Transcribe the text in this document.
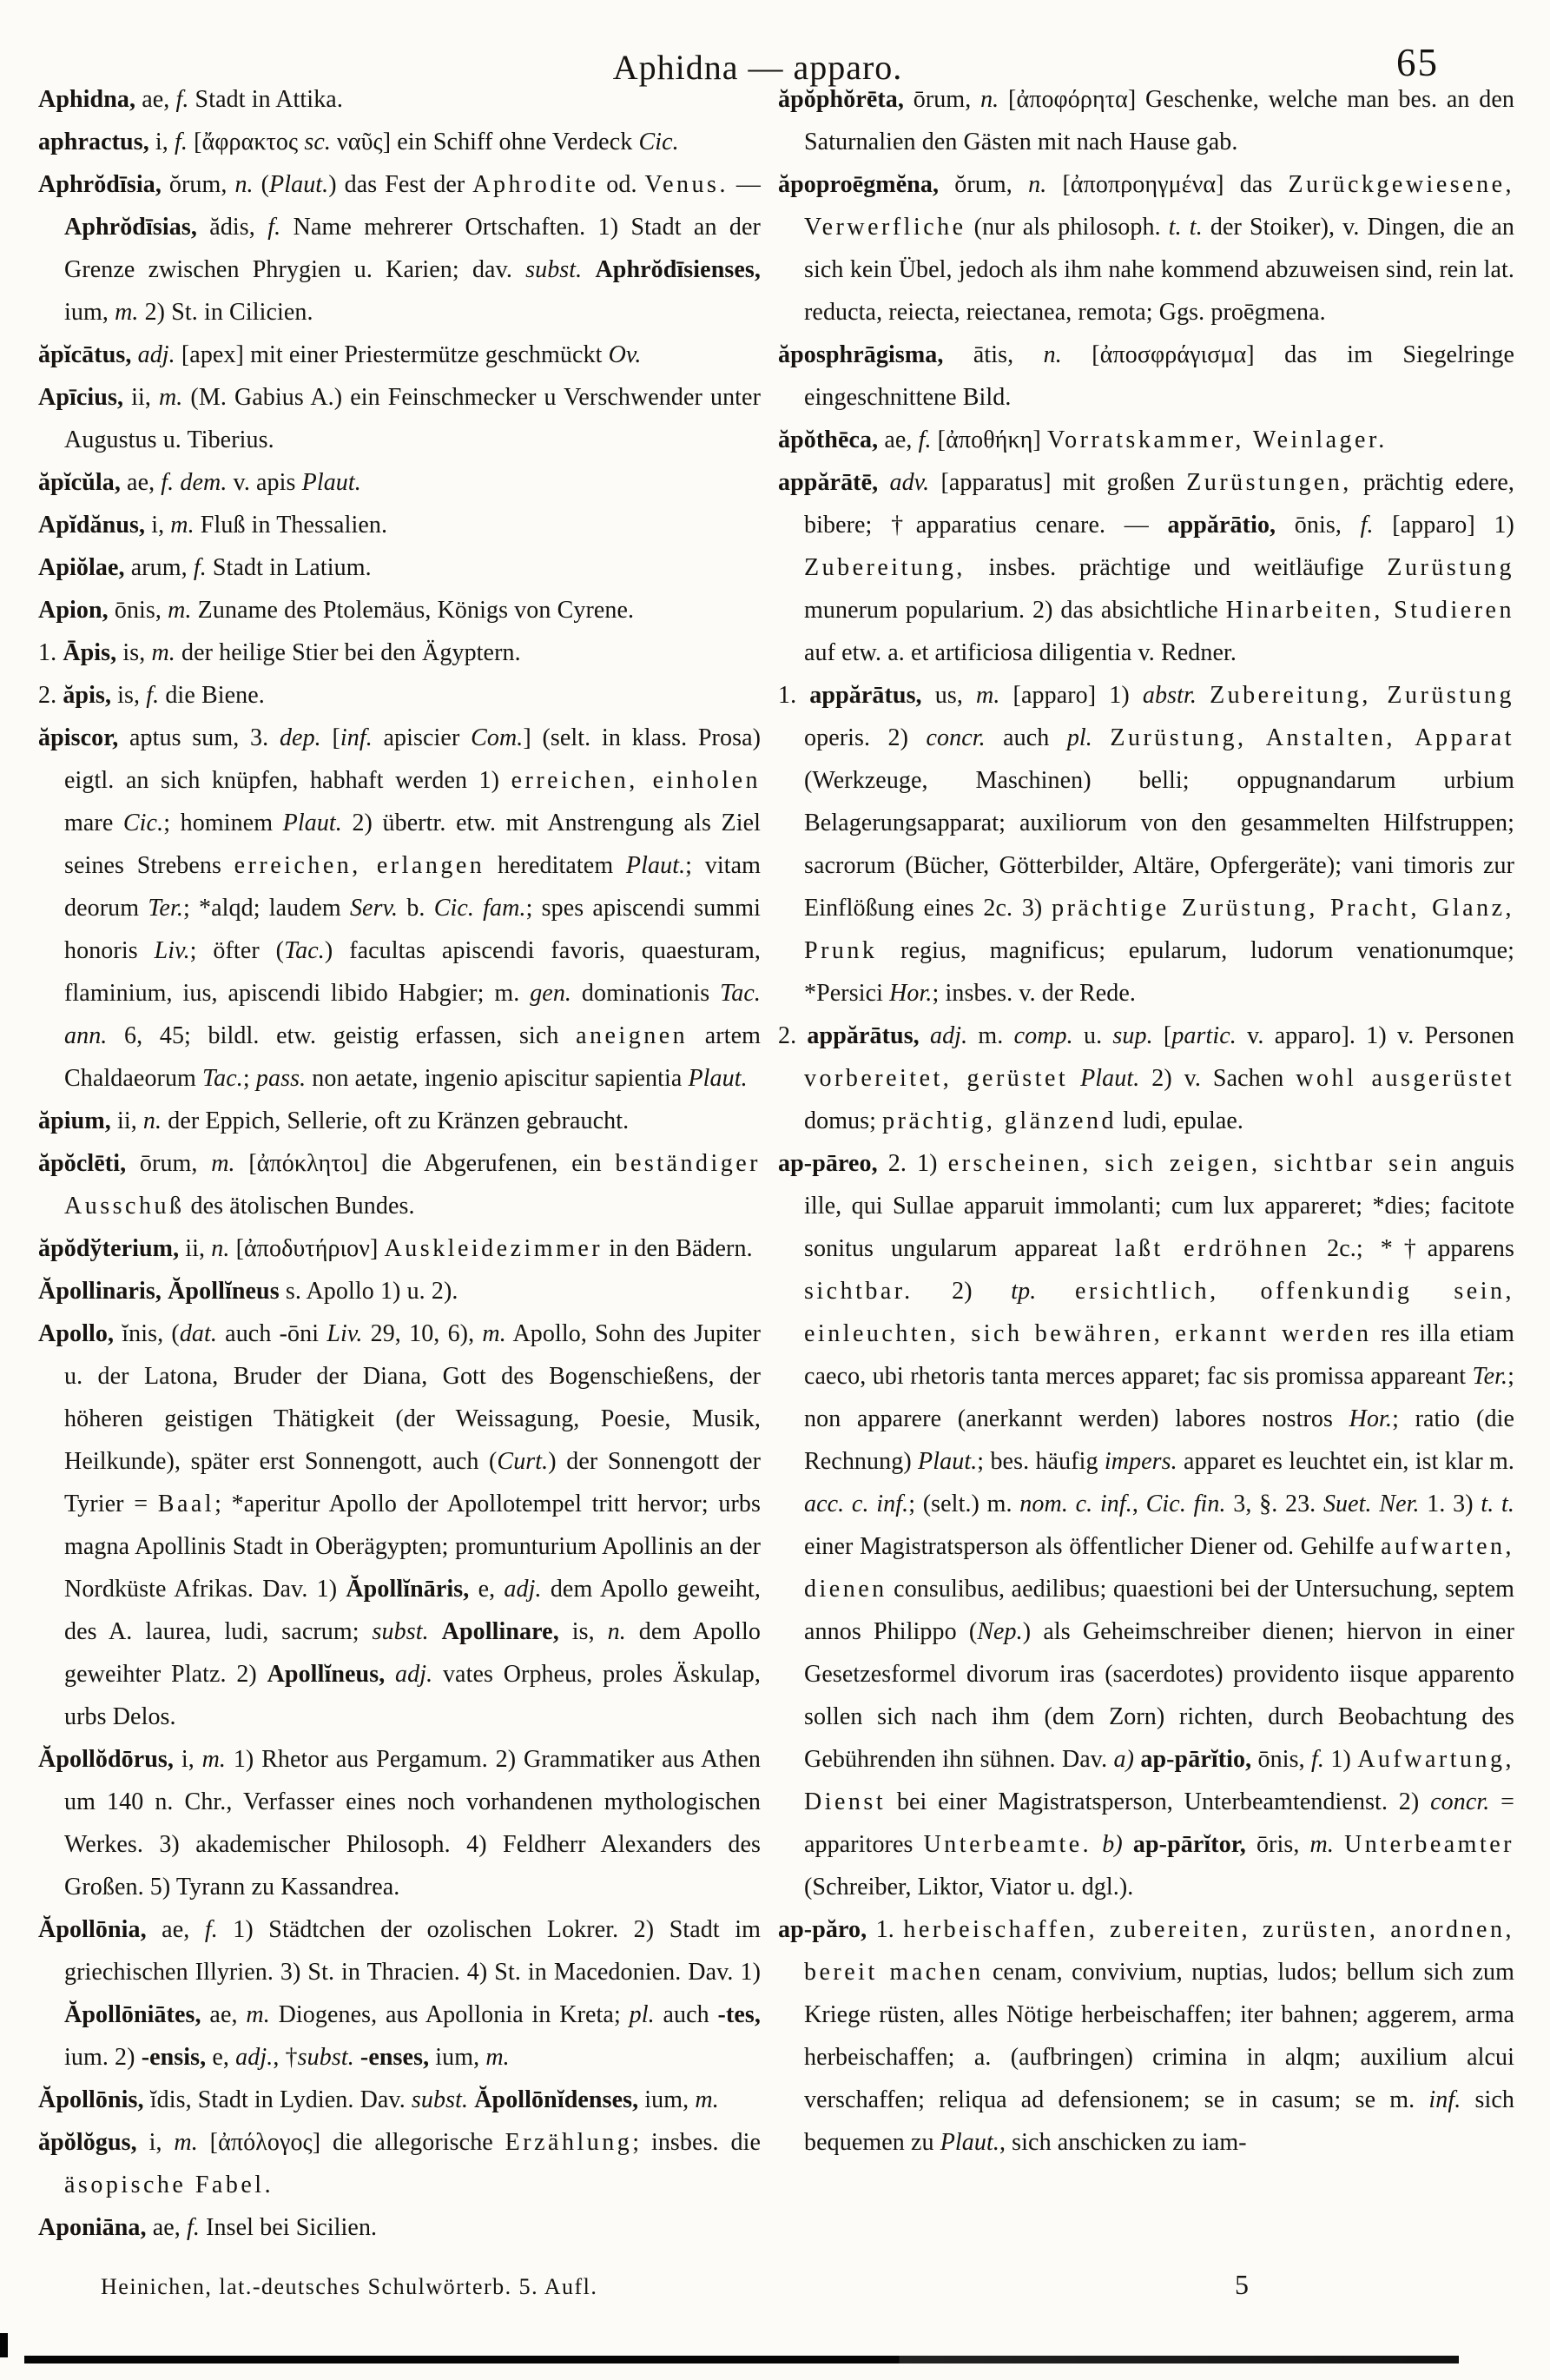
Aphidna — apparo.	65

Aphidna, ae, f. Stadt in Attika.

aphractus, i, f. [ἄφρακτος sc. ναῦς] ein Schiff ohne Verdeck Cic.

Aphrŏdīsia, ŏrum, n. (Plaut.) das Fest der Aphrodite od. Venus. — Aphrŏdīsias, ădis, f. Name mehrerer Ortschaften. 1) Stadt an der Grenze zwischen Phrygien u. Karien; dav. subst. Aphrŏdīsienses, ium, m. 2) St. in Cilicien.

ăpĭcātus, adj. [apex] mit einer Priestermütze geschmückt Ov.

Apīcius, ii, m. (M. Gabius A.) ein Feinschmecker u Verschwender unter Augustus u. Tiberius.

ăpĭcŭla, ae, f. dem. v. apis Plaut.

Apĭdănus, i, m. Fluß in Thessalien.

Apiŏlae, arum, f. Stadt in Latium.

Apion, ōnis, m. Zuname des Ptolemäus, Königs von Cyrene.

1. Āpis, is, m. der heilige Stier bei den Ägyptern.

2. ăpis, is, f. die Biene.

ăpiscor, aptus sum, 3. dep. [inf. apiscier Com.] (selt. in klass. Prosa) eigtl. an sich knüpfen, habhaft werden 1) erreichen, einholen mare Cic.; hominem Plaut. 2) übertr. etw. mit Anstrengung als Ziel seines Strebens erreichen, erlangen hereditatem Plaut.; vitam deorum Ter.; *alqd; laudem Serv. b. Cic. fam.; spes apiscendi summi honoris Liv.; öfter (Tac.) facultas apiscendi favoris, quaesturam, flaminium, ius, apiscendi libido Habgier; m. gen. dominationis Tac. ann. 6, 45; bildl. etw. geistig erfassen, sich aneignen artem Chaldaeorum Tac.; pass. non aetate, ingenio apiscitur sapientia Plaut.

ăpium, ii, n. der Eppich, Sellerie, oft zu Kränzen gebraucht.

ăpŏclēti, ōrum, m. [ἀπόκλητοι] die Abgerufenen, ein beständiger Ausschuß des ätolischen Bundes.

ăpŏdўterium, ii, n. [ἀποδυτήριον] Auskleidezimmer in den Bädern.

Ăpollinaris, Ăpollĭneus s. Apollo 1) u. 2).

Apollo, ĭnis, (dat. auch -ōni Liv. 29, 10, 6), m. Apollo, Sohn des Jupiter u. der Latona, Bruder der Diana, Gott des Bogenschießens, der höheren geistigen Thätigkeit (der Weissagung, Poesie, Musik, Heilkunde), später erst Sonnengott, auch (Curt.) der Sonnengott der Tyrier = Baal; *aperitur Apollo der Apollotempel tritt hervor; urbs magna Apollinis Stadt in Oberägypten; promunturium Apollinis an der Nordküste Afrikas. Dav. 1) Ăpollĭnāris, e, adj. dem Apollo geweiht, des A. laurea, ludi, sacrum; subst. Apollinare, is, n. dem Apollo geweihter Platz. 2) Apollĭneus, adj. vates Orpheus, proles Äskulap, urbs Delos.

Ăpollŏdōrus, i, m. 1) Rhetor aus Pergamum. 2) Grammatiker aus Athen um 140 n. Chr., Verfasser eines noch vorhandenen mythologischen Werkes. 3) akademischer Philosoph. 4) Feldherr Alexanders des Großen. 5) Tyrann zu Kassandrea.

Ăpollōnia, ae, f. 1) Städtchen der ozolischen Lokrer. 2) Stadt im griechischen Illyrien. 3) St. in Thracien. 4) St. in Macedonien. Dav. 1) Ăpollōniātes, ae, m. Diogenes, aus Apollonia in Kreta; pl. auch -tes, ium. 2) -ensis, e, adj., †subst. -enses, ium, m.

Ăpollōnis, ĭdis, Stadt in Lydien. Dav. subst. Ăpollōnĭdenses, ium, m.

ăpŏlŏgus, i, m. [ἀπόλογος] die allegorische Erzählung; insbes. die äsopische Fabel.

Aponiāna, ae, f. Insel bei Sicilien.

ăpŏphŏrēta, ōrum, n. [ἀποφόρητα] Geschenke, welche man bes. an den Saturnalien den Gästen mit nach Hause gab.

ăpoproēgmĕna, ŏrum, n. [ἀποπροηγμένα] das Zurückgewiesene, Verwerfliche (nur als philosoph. t. t. der Stoiker), v. Dingen, die an sich kein Übel, jedoch als ihm nahe kommend abzuweisen sind, rein lat. reducta, reiecta, reiectanea, remota; Ggs. proēgmena.

ăposphrāgisma, ātis, n. [ἀποσφράγισμα] das im Siegelringe eingeschnittene Bild.

ăpŏthēca, ae, f. [ἀποθήκη] Vorratskammer, Weinlager.

appărātē, adv. [apparatus] mit großen Zurüstungen, prächtig edere, bibere; †apparatius cenare. — appărātio, ōnis, f. [apparo] 1) Zubereitung, insbes. prächtige und weitläufige Zurüstung munerum popularium. 2) das absichtliche Hinarbeiten, Studieren auf etw. a. et artificiosa diligentia v. Redner.

1. appărātus, us, m. [apparo] 1) abstr. Zubereitung, Zurüstung operis. 2) concr. auch pl. Zurüstung, Anstalten, Apparat (Werkzeuge, Maschinen) belli; oppugnandarum urbium Belagerungsapparat; auxiliorum von den gesammelten Hilfstruppen; sacrorum (Bücher, Götterbilder, Altäre, Opfergeräte); vani timoris zur Einflößung eines 2c. 3) prächtige Zurüstung, Pracht, Glanz, Prunk regius, magnificus; epularum, ludorum venationumque; *Persici Hor.; insbes. v. der Rede.

2. appărātus, adj. m. comp. u. sup. [partic. v. apparo]. 1) v. Personen vorbereitet, gerüstet Plaut. 2) v. Sachen wohl ausgerüstet domus; prächtig, glänzend ludi, epulae.

ap-pāreo, 2. 1) erscheinen, sich zeigen, sichtbar sein anguis ille, qui Sullae apparuit immolanti; cum lux appareret; *dies; facitote sonitus ungularum appareat laßt erdröhnen 2c.; *†apparens sichtbar. 2) tp. ersichtlich, offenkundig sein, einleuchten, sich bewähren, erkannt werden res illa etiam caeco, ubi rhetoris tanta merces apparet; fac sis promissa appareant Ter.; non apparere (anerkannt werden) labores nostros Hor.; ratio (die Rechnung) Plaut.; bes. häufig impers. apparet es leuchtet ein, ist klar m. acc. c. inf.; (selt.) m. nom. c. inf., Cic. fin. 3, §. 23. Suet. Ner. 1. 3) t. t. einer Magistratsperson als öffentlicher Diener od. Gehilfe aufwarten, dienen consulibus, aedilibus; quaestioni bei der Untersuchung, septem annos Philippo (Nep.) als Geheimschreiber dienen; hiervon in einer Gesetzesformel divorum iras (sacerdotes) providento iisque apparento sollen sich nach ihm (dem Zorn) richten, durch Beobachtung des Gebührenden ihn sühnen. Dav. a) ap-pārĭtio, ōnis, f. 1) Aufwartung, Dienst bei einer Magistratsperson, Unterbeamtendienst. 2) concr. = apparitores Unterbeamte. b) ap-pārĭtor, ōris, m. Unterbeamter (Schreiber, Liktor, Viator u. dgl.).

ap-păro, 1. herbeischaffen, zubereiten, zurüsten, anordnen, bereit machen cenam, convivium, nuptias, ludos; bellum sich zum Kriege rüsten, alles Nötige herbeischaffen; iter bahnen; aggerem, arma herbeischaffen; a. (aufbringen) crimina in alqm; auxilium alcui verschaffen; reliqua ad defensionem; se in casum; se m. inf. sich bequemen zu Plaut., sich anschicken zu iam-

Heinichen, lat.-deutsches Schulwörterb. 5. Aufl.	5
